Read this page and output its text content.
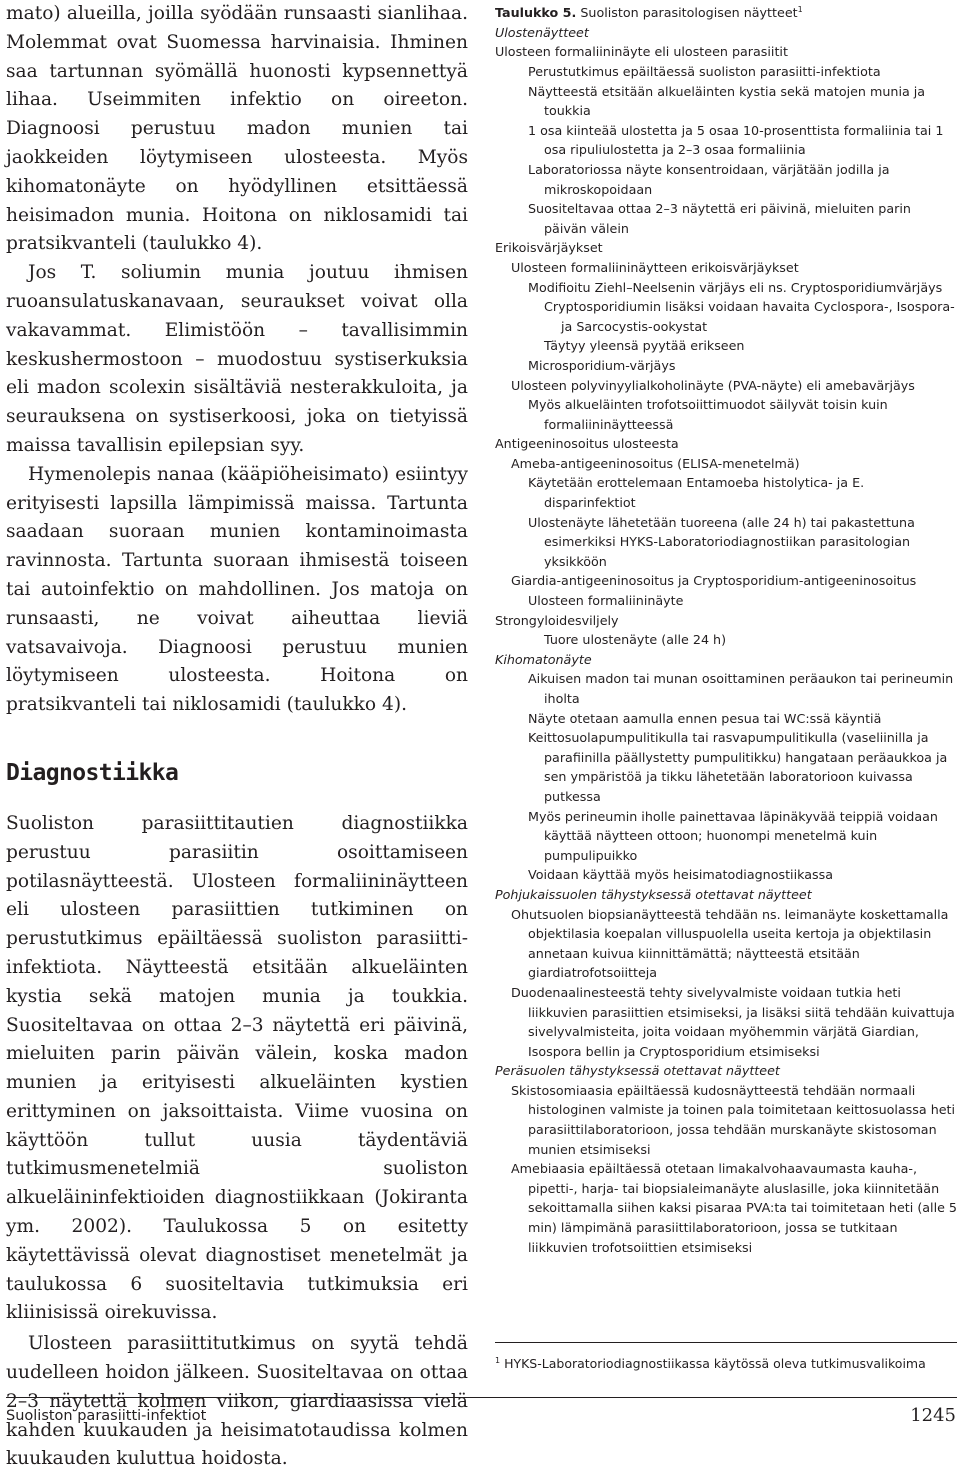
mato) alueilla, joilla syödään runsaasti sianlihaa. Molemmat ovat Suomessa harvinaisia. Ihminen saa tartunnan syömällä huonosti kypsennettyä lihaa. Useimmiten infektio on oireeton. Diagnoosi perustuu madon munien tai jaokkeiden löytymiseen ulosteesta. Myös kihomatonäyte on hyödyllinen etsittäessä heisimadon munia. Hoitona on niklosamidi tai pratsikvanteli (taulukko 4).

Jos T. soliumin munia joutuu ihmisen ruoansulatuskanavaan, seuraukset voivat olla vakavammat. Elimistöön – tavallisimmin keskushermostoon – muodostuu systiserkuksia eli madon scolexin sisältäviä nesterakkuloita, ja seurauksena on systiserkoosi, joka on tietyissä maissa tavallisin epilepsian syy.

Hymenolepis nanaa (kääpiöheisimato) esiintyy erityisesti lapsilla lämpimissä maissa. Tartunta saadaan suoraan munien kontaminoimasta ravinnosta. Tartunta suoraan ihmisestä toiseen tai autoinfektio on mahdollinen. Jos matoja on runsaasti, ne voivat aiheuttaa lieviä vatsavaivoja. Diagnoosi perustuu munien löytymiseen ulosteesta. Hoitona on pratsikvanteli tai niklosamidi (taulukko 4).

Diagnostiikka

Suoliston parasiittitautien diagnostiikka perustuu parasiitin osoittamiseen potilasnäytteestä. Ulosteen formaliininäytteen eli ulosteen parasiittien tutkiminen on perustutkimus epäiltäessä suoliston parasiitti-infektiota. Näytteestä etsitään alkueläinten kystia sekä matojen munia ja toukkia. Suositeltavaa on ottaa 2–3 näytettä eri päivinä, mieluiten parin päivän välein, koska madon munien ja erityisesti alkueläinten kystien erittyminen on jaksoittaista. Viime vuosina on käyttöön tullut uusia täydentäviä tutkimusmenetelmiä suoliston alkueläininfektioiden diagnostiikkaan (Jokiranta ym. 2002). Taulukossa 5 on esitetty käytettävissä olevat diagnostiset menetelmät ja taulukossa 6 suositeltavia tutkimuksia eri kliinisissä oirekuvissa.

Ulosteen parasiittitutkimus on syytä tehdä uudelleen hoidon jälkeen. Suositeltavaa on ottaa 2–3 näytettä kolmen viikon, giardiaasissa vielä kahden kuukauden ja heisimatotaudissa kolmen kuukauden kuluttua hoidosta.

Taulukko 5. Suoliston parasitologisen näytteet$^1$
Ulostenäytteet
Ulosteen formaliininäyte eli ulosteen parasiitit
Perustutkimus epäiltäessä suoliston parasiitti-infektiota
Näytteestä etsitään alkueläinten kystia sekä matojen munia ja toukkia
1 osa kiinteää ulostetta ja 5 osaa 10-prosenttista formaliinia tai 1 osa ripuliulostetta ja 2–3 osaa formaliinia
Laboratoriossa näyte konsentroidaan, värjätään jodilla ja mikroskopoidaan
Suositeltavaa ottaa 2–3 näytettä eri päivinä, mieluiten parin päivän välein
Erikoisvärjäykset
Ulosteen formaliininäytteen erikoisvärjäykset
Modifioitu Ziehl–Neelsenin värjäys eli ns. Cryptosporidiumvärjäys
Cryptosporidiumin lisäksi voidaan havaita Cyclospora-, Isospora- ja Sarcocystis-ookystat
Täytyy yleensä pyytää erikseen
Microsporidium-värjäys
Ulosteen polyvinyylialkoholinäyte (PVA-näyte) eli amebavärjäys
Myös alkueläinten trofotsoiittimuodot säilyvät toisin kuin formaliininäytteessä
Antigeeninosoitus ulosteesta
Ameba-antigeeninosoitus (ELISA-menetelmä)
Käytetään erottelemaan Entamoeba histolytica- ja E. disparinfektiot
Ulostenäyte lähetetään tuoreena (alle 24 h) tai pakastettuna esimerkiksi HYKS-Laboratoriodiagnostiikan parasitologian yksikköön
Giardia-antigeeninosoitus ja Cryptosporidium-antigeeninosoitus
Ulosteen formaliininäyte
Strongyloidesviljely
Tuore ulostenäyte (alle 24 h)
Kihomatonäyte
Aikuisen madon tai munan osoittaminen peräaukon tai perineumin iholta
Näyte otetaan aamulla ennen pesua tai WC:ssä käyntiä
Keittosuolapumpulitikulla tai rasvapumpulitikulla (vaseliinilla ja parafiinilla päällystetty pumpulitikku) hangataan peräaukkoa ja sen ympäristöä ja tikku lähetetään laboratorioon kuivassa putkessa
Myös perineumin iholle painettavaa läpinäkyvää teippiä voidaan käyttää näytteen ottoon; huonompi menetelmä kuin pumpulipuikko
Voidaan käyttää myös heisimatodiagnostiikassa
Pohjukaissuolen tähystyksessä otettavat näytteet
Ohutsuolen biopsianäytteestä tehdään ns. leimanäyte koskettamalla objektilasia koepalan villuspuolella useita kertoja ja objektilasin annetaan kuivua kiinnittämättä; näytteestä etsitään giardiatrofotsoiitteja
Duodenaalinesteestä tehty sivelyvalmiste voidaan tutkia heti liikkuvien parasiittien etsimiseksi, ja lisäksi siitä tehdään kuivattuja sivelyvalmisteita, joita voidaan myöhemmin värjätä Giardian, Isospora bellin ja Cryptosporidium etsimiseksi
Peräsuolen tähystyksessä otettavat näytteet
Skistosomiaasia epäiltäessä kudosnäytteestä tehdään normaali histologinen valmiste ja toinen pala toimitetaan keittosuolassa heti parasiittilaboratorioon, jossa tehdään murskanäyte skistosoman munien etsimiseksi
Amebiaasia epäiltäessä otetaan limakalvohaavaumasta kauha-, pipetti-, harja- tai biopsialeimanäyte aluslasille, joka kiinnitetään sekoittamalla siihen kaksi pisaraa PVA:ta tai toimitetaan heti (alle 5 min) lämpimänä parasiittilaboratorioon, jossa se tutkitaan liikkuvien trofotsoiittien etsimiseksi
$^1$ HYKS-Laboratoriodiagnostiikassa käytössä oleva tutkimusvalikoima
Suoliston parasiitti-infektiot	1245
